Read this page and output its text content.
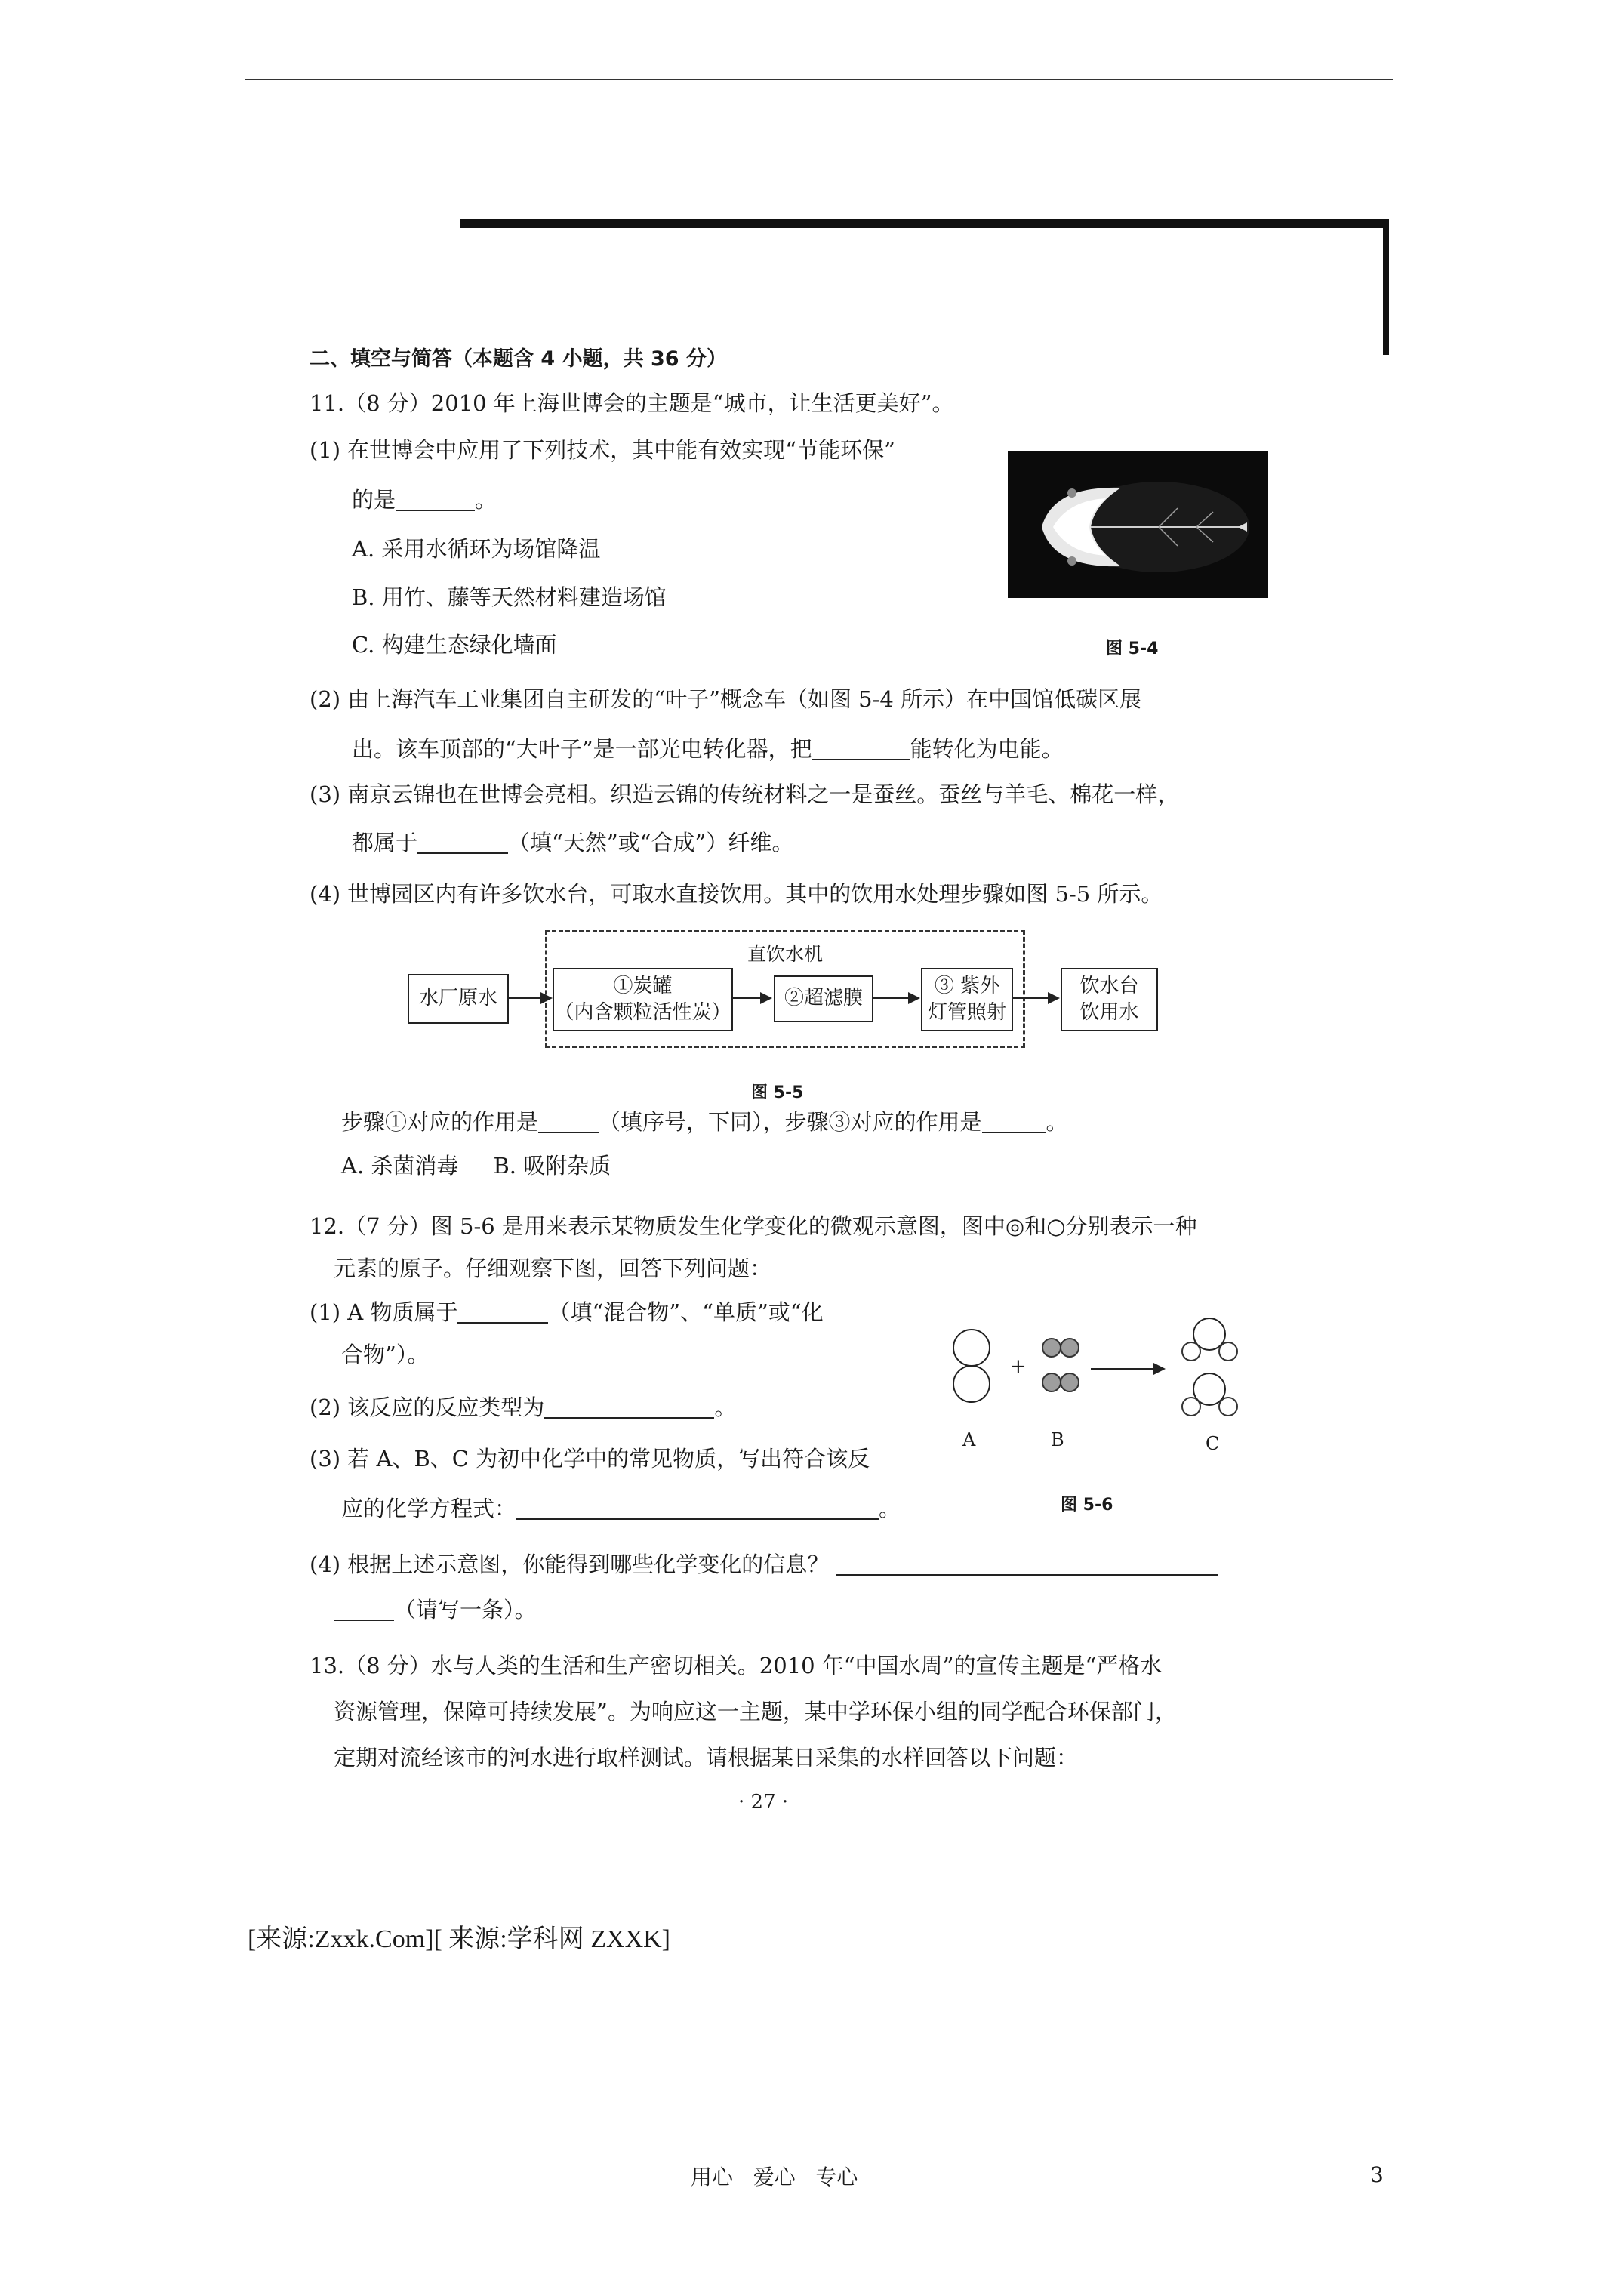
二、填空与简答（本题含 4 小题，共 36 分）
11.（8 分）2010 年上海世博会的主题是“城市，让生活更美好”。
(1) 在世博会中应用了下列技术，其中能有效实现“节能环保”
的是	。
A. 采用水循环为场馆降温
B. 用竹、藤等天然材料建造场馆
C. 构建生态绿化墙面	图 5-4
(2) 由上海汽车工业集团自主研发的“叶子”概念车（如图 5-4 所示）在中国馆低碳区展
出。该车顶部的“大叶子”是一部光电转化器，把	能转化为电能。
(3) 南京云锦也在世博会亮相。织造云锦的传统材料之一是蚕丝。蚕丝与羊毛、棉花一样，
都属于	（填“天然”或“合成”）纤维。
(4) 世博园区内有许多饮水台，可取水直接饮用。其中的饮用水处理步骤如图 5-5 所示。
直饮水机
水厂原水
①炭罐
（内含颗粒活性炭）
②超滤膜
③ 紫外
灯管照射
饮水台
饮用水
图 5-5
步骤①对应的作用是	（填序号，下同），步骤③对应的作用是	。
A. 杀菌消毒     B. 吸附杂质
12.（7 分）图 5-6 是用来表示某物质发生化学变化的微观示意图，图中◎和○分别表示一种
元素的原子。仔细观察下图，回答下列问题：
(1) A 物质属于	（填“混合物”、“单质”或“化
合物”）。
(2) 该反应的反应类型为	。
(3) 若 A、B、C 为初中化学中的常见物质，写出符合该反
应的化学方程式：	。
+
A	B	C
图 5-6
(4) 根据上述示意图，你能得到哪些化学变化的信息？
（请写一条）。
13.（8 分）水与人类的生活和生产密切相关。2010 年“中国水周”的宣传主题是“严格水
资源管理，保障可持续发展”。为响应这一主题，某中学环保小组的同学配合环保部门，
定期对流经该市的河水进行取样测试。请根据某日采集的水样回答以下问题：
· 27 ·
[来源:Zxxk.Com][ 来源:学科网 ZXXK]
用心   爱心   专心	3
